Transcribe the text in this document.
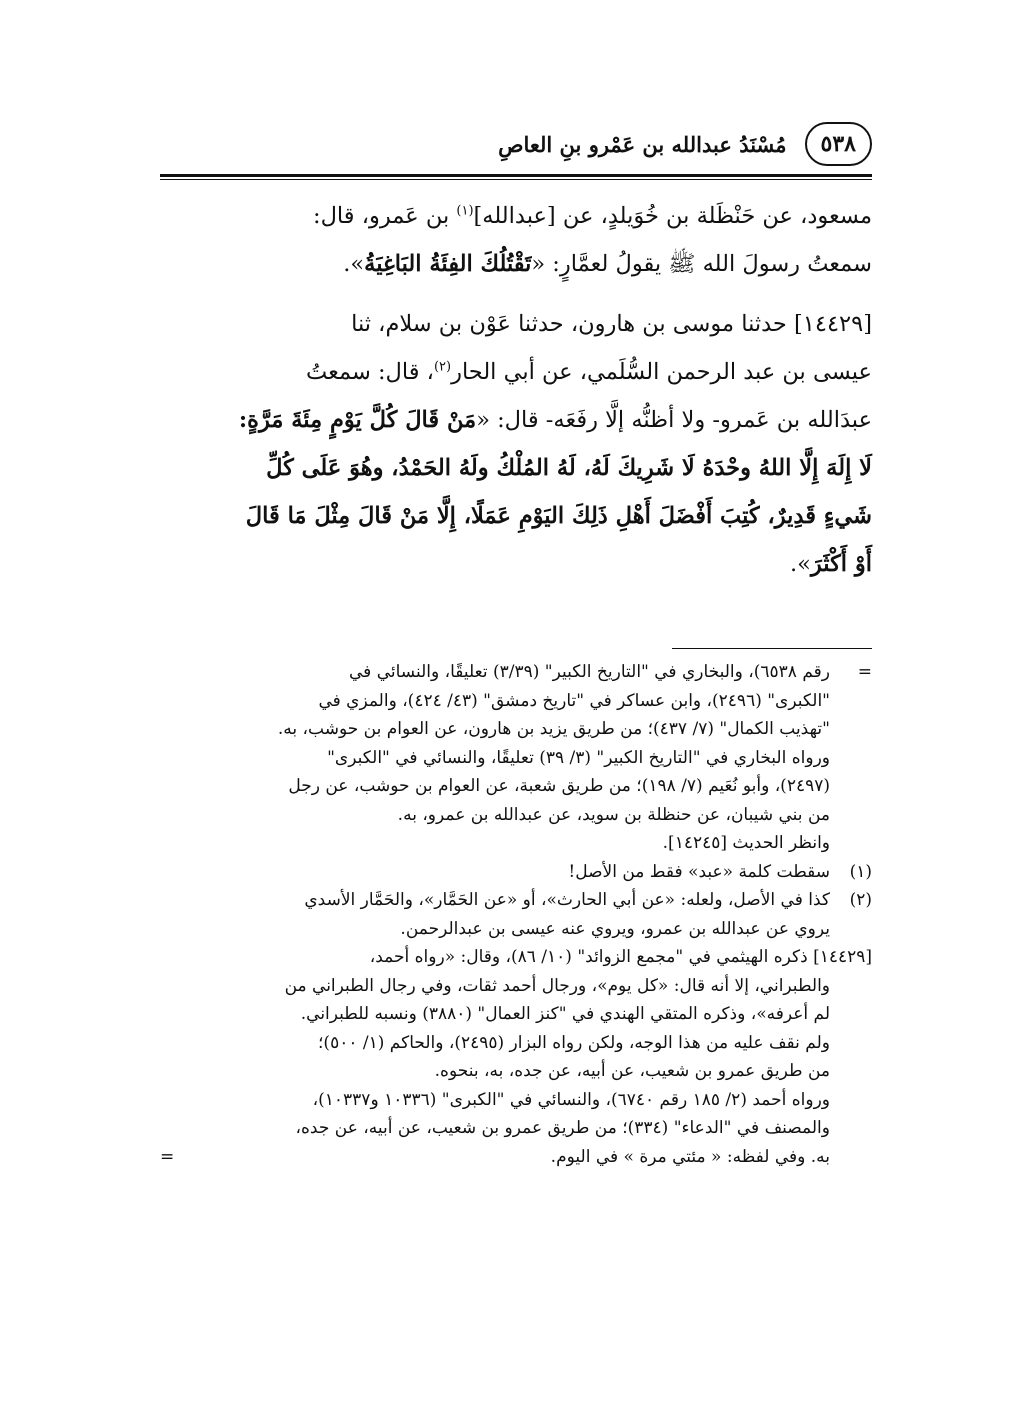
٥٣٨
مُسْنَدُ عبدالله بن عَمْرو بنِ العاصِ

مسعود، عن حَنْظَلة بن خُوَيلدٍ، عن [عبدالله]$^{(١)}$ بن عَمرو، قال:
سمعتُ رسولَ الله ﷺ يقولُ لعمَّارٍ: «تَقْتُلُكَ الفِئَةُ البَاغِيَةُ».

[١٤٤٢٩] حدثنا موسى بن هارون، حدثنا عَوْن بن سلام، ثنا
عيسى بن عبد الرحمن السُّلَمي، عن أبي الحار$^{(٢)}$، قال: سمعتُ
عبدَالله بن عَمرو- ولا أظنُّه إلَّا رفَعَه- قال: «مَنْ قَالَ كُلَّ يَوْمٍ مِئَةَ مَرَّةٍ:
لَا إِلَهَ إِلَّا اللهُ وحْدَهُ لَا شَرِيكَ لَهُ، لَهُ المُلْكُ ولَهُ الحَمْدُ، وهُوَ عَلَى كُلِّ
شَيءٍ قَدِيرٌ، كُتِبَ أَفْضَلَ أَهْلِ ذَلِكَ اليَوْمِ عَمَلًا، إِلَّا مَنْ قَالَ مِثْلَ مَا قَالَ
أَوْ أَكْثَرَ».

=
رقم ٦٥٣٨)، والبخاري في "التاريخ الكبير" (٣/٣٩) تعليقًا، والنسائي في
"الكبرى" (٢٤٩٦)، وابن عساكر في "تاريخ دمشق" (٤٣/ ٤٢٤)، والمزي في
"تهذيب الكمال" (٧/ ٤٣٧)؛ من طريق يزيد بن هارون، عن العوام بن حوشب، به.
ورواه البخاري في "التاريخ الكبير" (٣/ ٣٩) تعليقًا، والنسائي في "الكبرى"
(٢٤٩٧)، وأبو نُعَيم (٧/ ١٩٨)؛ من طريق شعبة، عن العوام بن حوشب، عن رجل
من بني شيبان، عن حنظلة بن سويد، عن عبدالله بن عمرو، به.
وانظر الحديث [١٤٢٤٥].
(١)
سقطت كلمة «عبد» فقط من الأصل!
(٢)
كذا في الأصل، ولعله: «عن أبي الحارث»، أو «عن الحَمَّار»، والحَمَّار الأسدي
يروي عن عبدالله بن عمرو، ويروي عنه عيسى بن عبدالرحمن.
[١٤٤٢٩] ذكره الهيثمي في "مجمع الزوائد" (١٠/ ٨٦)، وقال: «رواه أحمد،
والطبراني، إلا أنه قال: «كل يوم»، ورجال أحمد ثقات، وفي رجال الطبراني من
لم أعرفه»، وذكره المتقي الهندي في "كنز العمال" (٣٨٨٠) ونسبه للطبراني.
ولم نقف عليه من هذا الوجه، ولكن رواه البزار (٢٤٩٥)، والحاكم (١/ ٥٠٠)؛
من طريق عمرو بن شعيب، عن أبيه، عن جده، به، بنحوه.
ورواه أحمد (٢/ ١٨٥ رقم ٦٧٤٠)، والنسائي في "الكبرى" (١٠٣٣٦ و١٠٣٣٧)،
والمصنف في "الدعاء" (٣٣٤)؛ من طريق عمرو بن شعيب، عن أبيه، عن جده،
به. وفي لفظه: « مئتي مرة » في اليوم.
=
